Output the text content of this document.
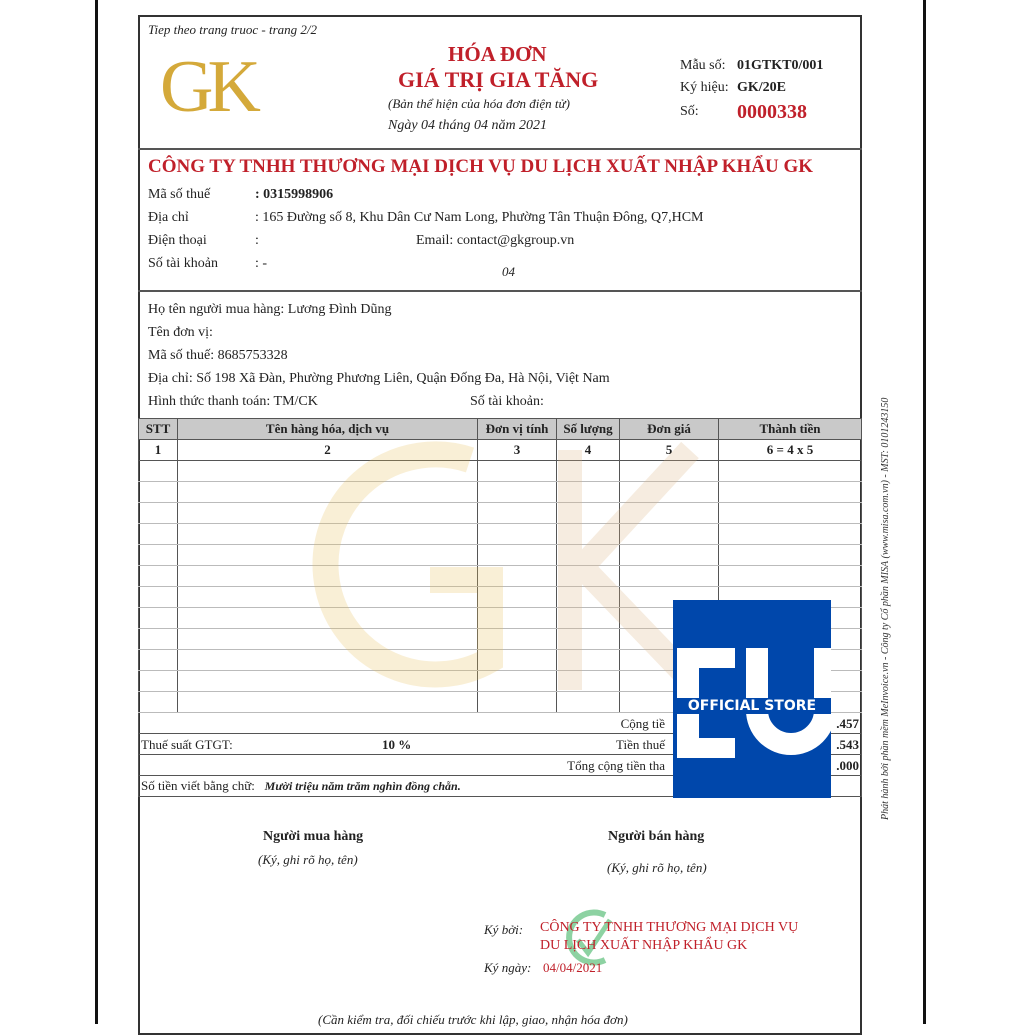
Tiep theo trang truoc - trang 2/2
GK	HÓA ĐƠN
GIÁ TRỊ GIA TĂNG
(Bản thể hiện của hóa đơn điện tử)
Ngày 04 tháng 04 năm 2021
Mẫu số: 01GTKT0/001
Ký hiệu: GK/20E
Số: 0000338
CÔNG TY TNHH THƯƠNG MẠI DỊCH VỤ DU LỊCH XUẤT NHẬP KHẨU GK
Mã số thuế	: 0315998906
Địa chỉ	: 165 Đường số 8, Khu Dân Cư Nam Long, Phường Tân Thuận Đông, Q7,HCM
Điện thoại	:	Email: contact@gkgroup.vn
Số tài khoản	: -
04
Họ tên người mua hàng: Lương Đình Dũng
Tên đơn vị:
Mã số thuế: 8685753328
Địa chỉ: Số 198 Xã Đàn, Phường Phương Liên, Quận Đống Đa, Hà Nội, Việt Nam
Hình thức thanh toán: TM/CK	Số tài khoản:
STT	Tên hàng hóa, dịch vụ	Đơn vị tính	Số lượng	Đơn giá	Thành tiền
1	2	3	4	5	6 = 4 x 5

Cộng tiề .457					

Thuế suất GTGT: 10 % Tiền thuế .543					

Tổng cộng tiền tha .000					

Số tiền viết bằng chữ: Mười triệu năm trăm nghìn đồng chẵn.					
Người mua hàng
(Ký, ghi rõ họ, tên)
Người bán hàng
(Ký, ghi rõ họ, tên)
Ký bởi: CÔNG TY TNHH THƯƠNG MẠI DỊCH VỤ
DU LỊCH XUẤT NHẬP KHẨU GK
Ký ngày: 04/04/2021
(Cần kiểm tra, đối chiếu trước khi lập, giao, nhận hóa đơn)
Phát hành bởi phần mềm MeInvoice.vn - Công ty Cổ phần MISA (www.misa.com.vn) - MST: 0101243150
OFFICIAL STORE
